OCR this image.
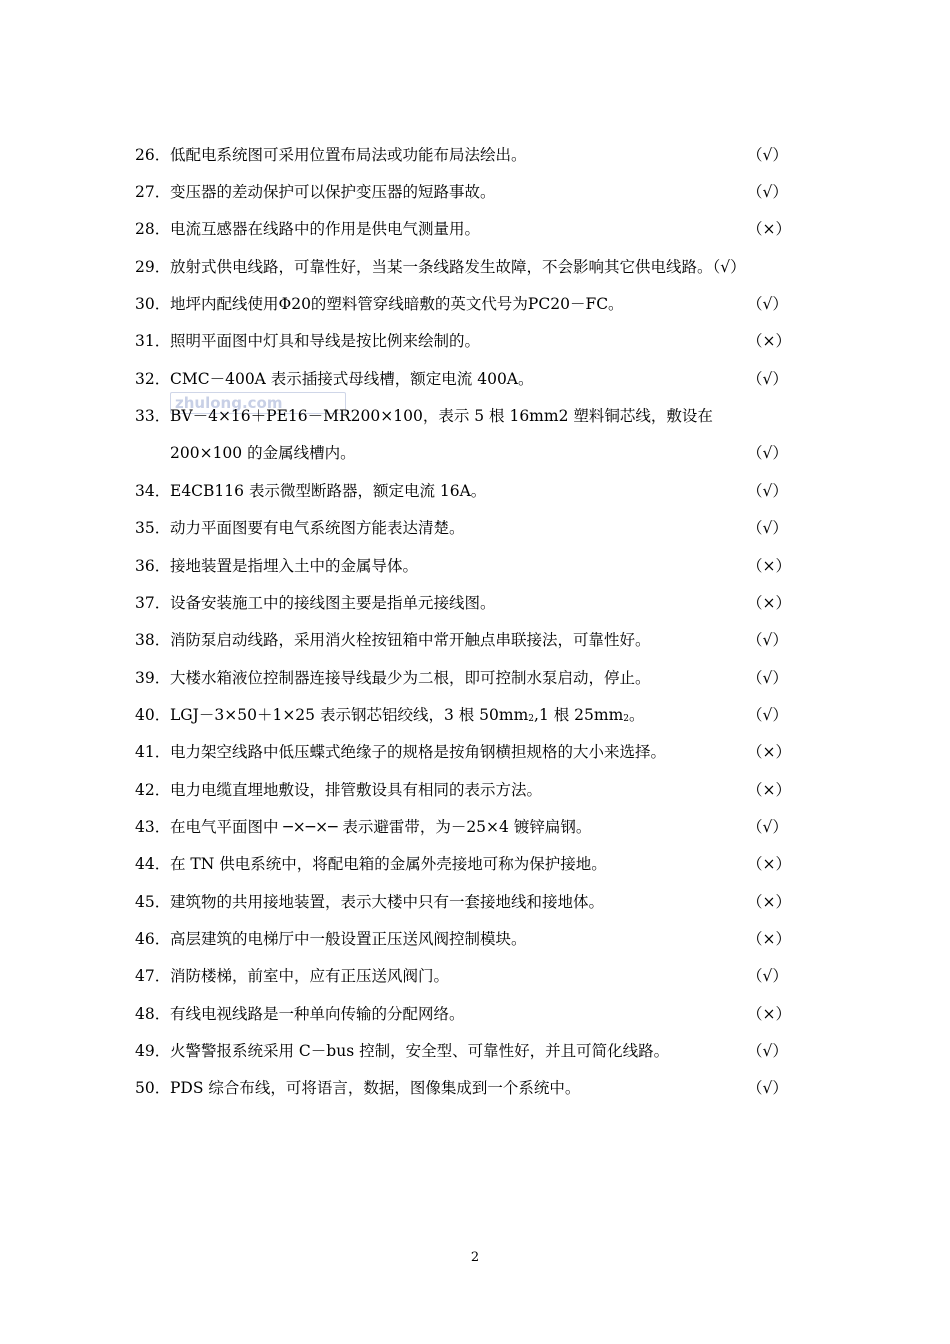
26． 低配电系统图可采用位置布局法或功能布局法绘出。	（√）
27． 变压器的差动保护可以保护变压器的短路事故。	（√）
28． 电流互感器在线路中的作用是供电气测量用。	（×）
29． 放射式供电线路，可靠性好，当某一条线路发生故障，不会影响其它供电线路。（√）
30． 地坪内配线使用Φ20的塑料管穿线暗敷的英文代号为PC20－FC。	（√）
31． 照明平面图中灯具和导线是按比例来绘制的。	（×）
32． CMC－400A 表示插接式母线槽，额定电流 400A。	（√）
zhulong.com
33． BV－4×16＋PE16－MR200×100，表示 5 根 16mm2 塑料铜芯线，敷设在
200×100 的金属线槽内。	（√）
34． E4CB116 表示微型断路器，额定电流 16A。	（√）
35． 动力平面图要有电气系统图方能表达清楚。	（√）
36． 接地装置是指埋入土中的金属导体。	（×）
37． 设备安装施工中的接线图主要是指单元接线图。	（×）
38． 消防泵启动线路，采用消火栓按钮箱中常开触点串联接法，可靠性好。	（√）
39． 大楼水箱液位控制器连接导线最少为二根，即可控制水泵启动，停止。	（√）
40． LGJ－3×50＋1×25 表示钢芯铝绞线，3 根 50mm2,1 根 25mm2。	（√）
41． 电力架空线路中低压蝶式绝缘子的规格是按角钢横担规格的大小来选择。	（×）
42． 电力电缆直埋地敷设，排管敷设具有相同的表示方法。	（×）
43． 在电气平面图中 ─×─×─ 表示避雷带，为－25×4 镀锌扁钢。	（√）
44． 在 TN 供电系统中，将配电箱的金属外壳接地可称为保护接地。	（×）
45． 建筑物的共用接地装置，表示大楼中只有一套接地线和接地体。	（×）
46． 高层建筑的电梯厅中一般设置正压送风阀控制模块。	（×）
47． 消防楼梯，前室中，应有正压送风阀门。	（√）
48． 有线电视线路是一种单向传输的分配网络。	（×）
49． 火警警报系统采用 C－bus 控制，安全型、可靠性好，并且可简化线路。	（√）
50． PDS 综合布线，可将语言，数据，图像集成到一个系统中。	（√）
2
